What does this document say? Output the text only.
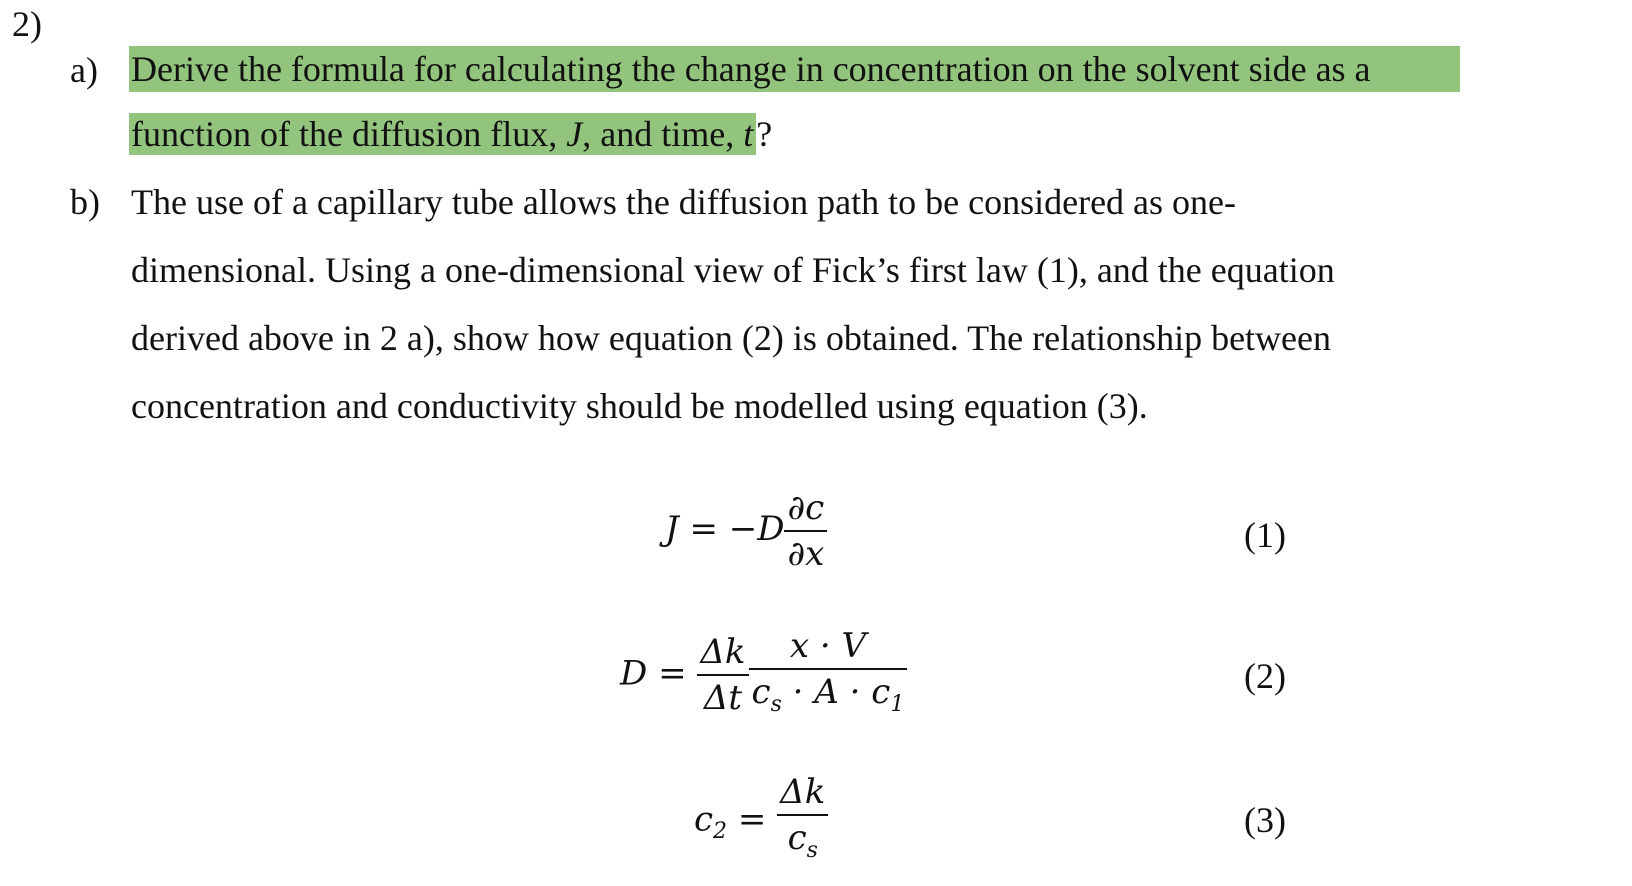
2)
a) Derive the formula for calculating the change in concentration on the solvent side as a
function of the diffusion flux, J, and time, t?
b) The use of a capillary tube allows the diffusion path to be considered as one-
dimensional. Using a one-dimensional view of Fick’s first law (1), and the equation
derived above in 2 a), show how equation (2) is obtained. The relationship between
concentration and conductivity should be modelled using equation (3).
$J = -D \frac{\partial c}{\partial x}$	(1)
$D = \frac{\Delta k}{\Delta t} \frac{x \cdot V}{c_s \cdot A \cdot c_1}$	(2)
$c_2 = \frac{\Delta k}{c_s}$	(3)
